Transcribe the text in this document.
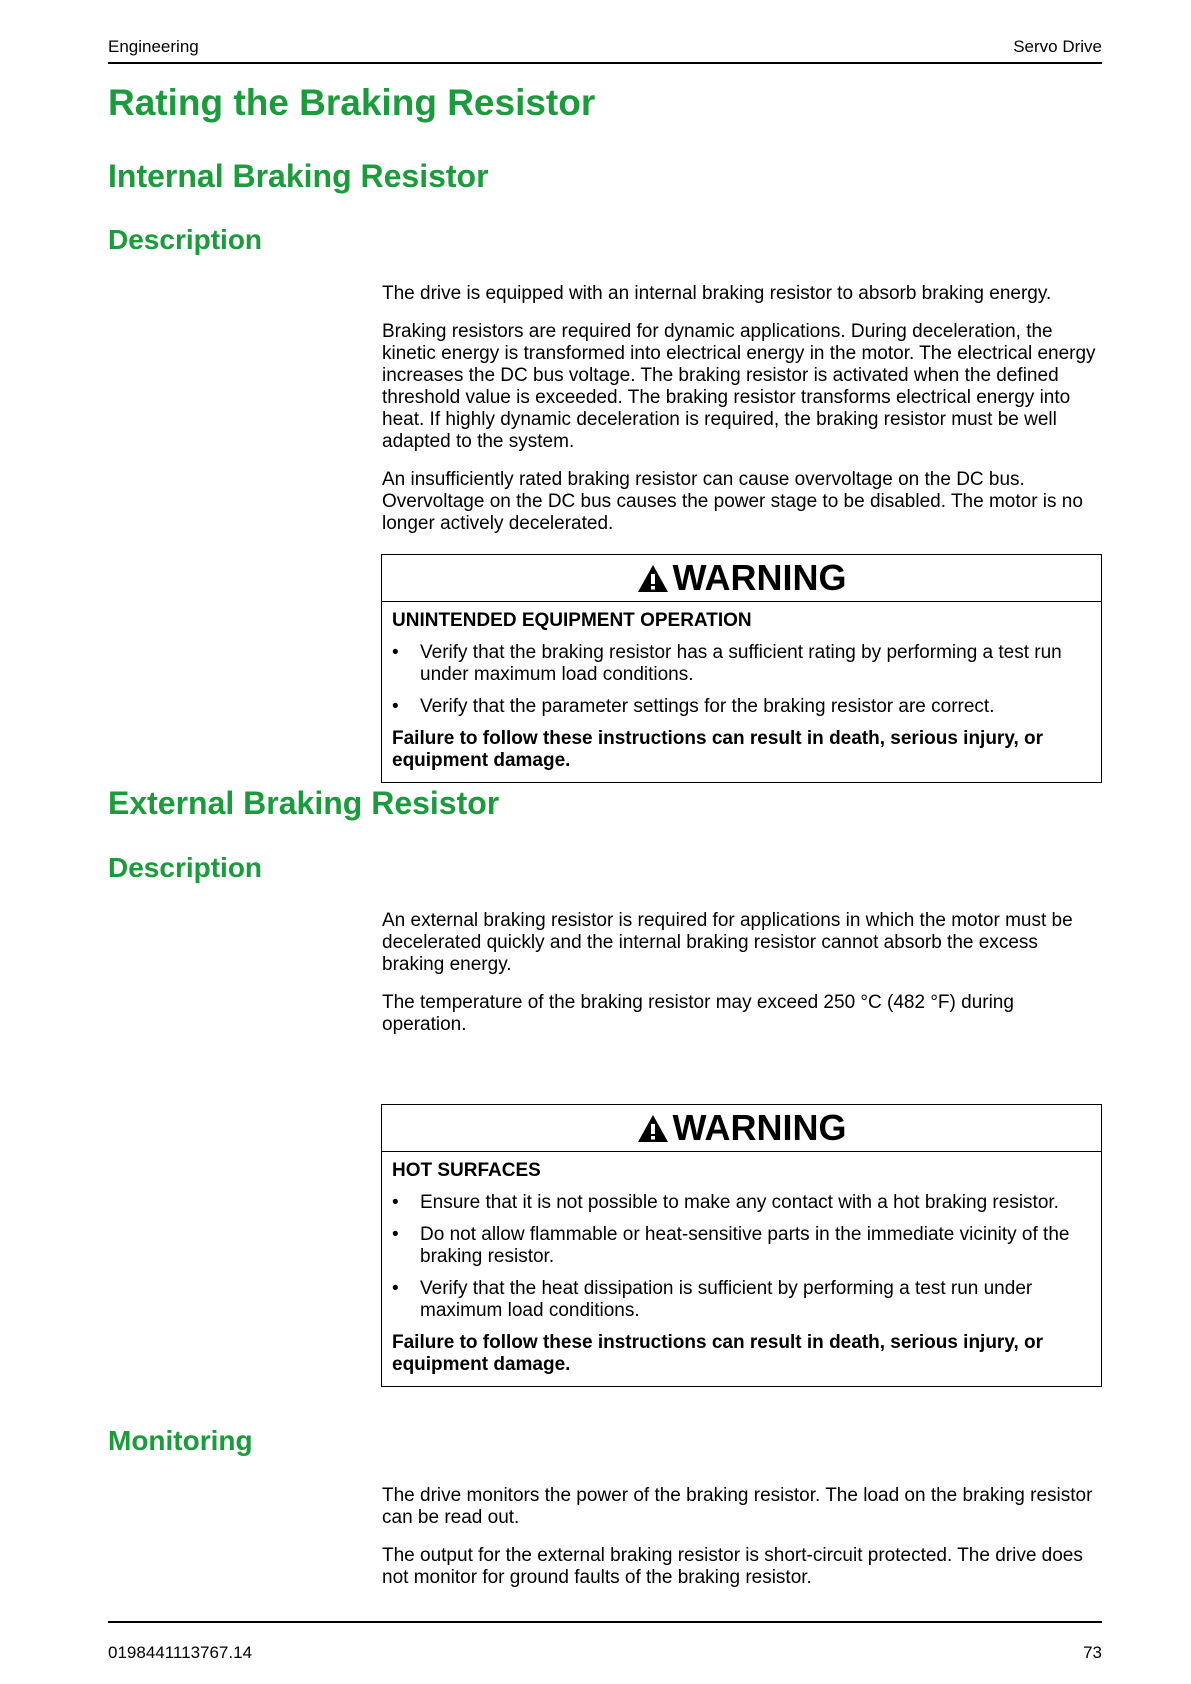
Engineering	Servo Drive
Rating the Braking Resistor
Internal Braking Resistor
Description

The drive is equipped with an internal braking resistor to absorb braking energy.

Braking resistors are required for dynamic applications. During deceleration, the kinetic energy is transformed into electrical energy in the motor. The electrical energy increases the DC bus voltage. The braking resistor is activated when the defined threshold value is exceeded. The braking resistor transforms electrical energy into heat. If highly dynamic deceleration is required, the braking resistor must be well adapted to the system.

An insufficiently rated braking resistor can cause overvoltage on the DC bus. Overvoltage on the DC bus causes the power stage to be disabled. The motor is no longer actively decelerated.

WARNING
UNINTENDED EQUIPMENT OPERATION
• Verify that the braking resistor has a sufficient rating by performing a test run under maximum load conditions.
• Verify that the parameter settings for the braking resistor are correct.
Failure to follow these instructions can result in death, serious injury, or equipment damage.
External Braking Resistor
Description

An external braking resistor is required for applications in which the motor must be decelerated quickly and the internal braking resistor cannot absorb the excess braking energy.

The temperature of the braking resistor may exceed 250 °C (482 °F) during operation.

WARNING
HOT SURFACES
• Ensure that it is not possible to make any contact with a hot braking resistor.
• Do not allow flammable or heat-sensitive parts in the immediate vicinity of the braking resistor.
• Verify that the heat dissipation is sufficient by performing a test run under maximum load conditions.
Failure to follow these instructions can result in death, serious injury, or equipment damage.
Monitoring

The drive monitors the power of the braking resistor. The load on the braking resistor can be read out.

The output for the external braking resistor is short-circuit protected. The drive does not monitor for ground faults of the braking resistor.

0198441113767.14	73
